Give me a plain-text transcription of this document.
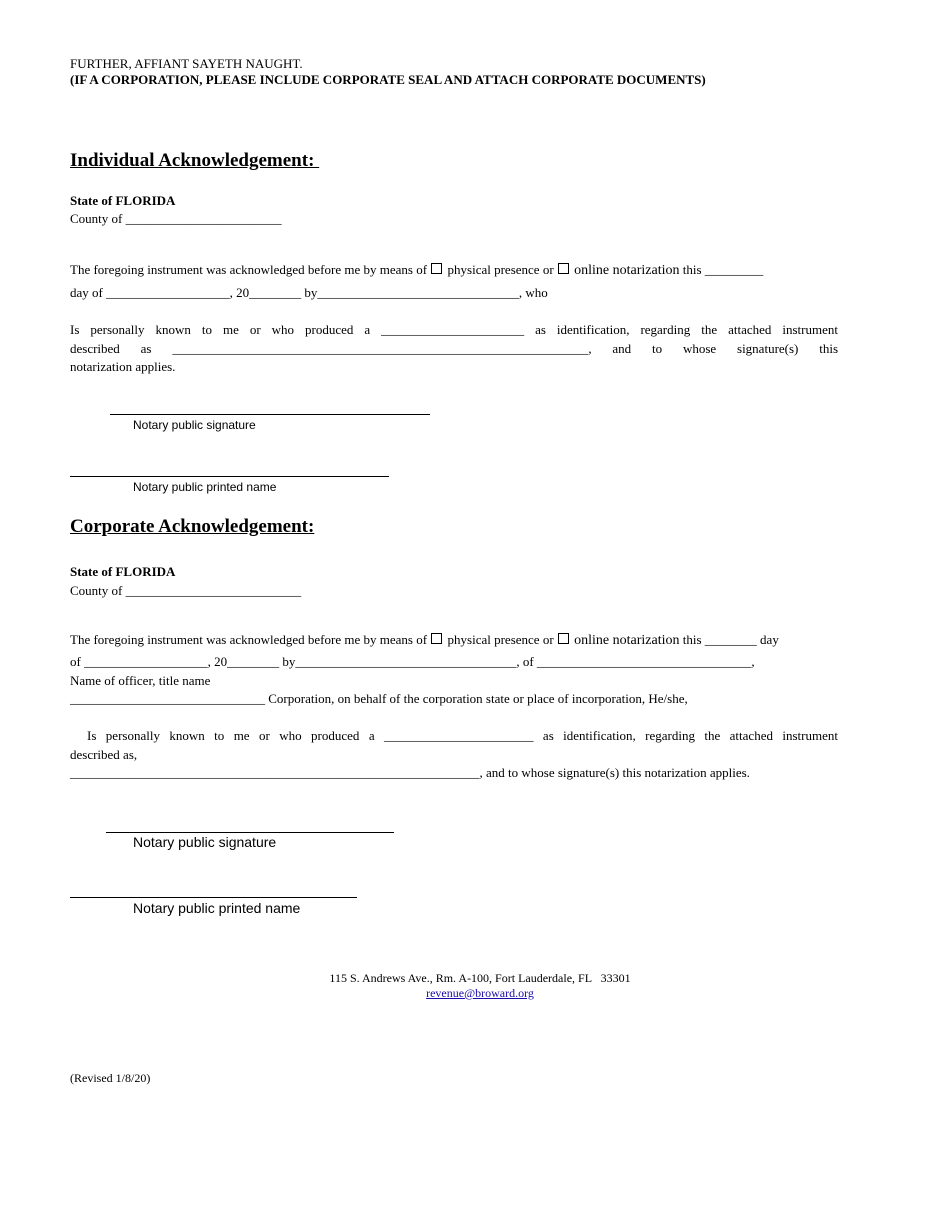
FURTHER, AFFIANT SAYETH NAUGHT.
(IF A CORPORATION, PLEASE INCLUDE CORPORATE SEAL AND ATTACH CORPORATE DOCUMENTS)
Individual Acknowledgement:
State of FLORIDA
County of ________________________
The foregoing instrument was acknowledged before me by means of  physical presence or  online notarization this _________
day of ___________________, 20________ by_______________________________, who
Is personally known to me or who produced a ______________________ as identification, regarding the attached instrument
described as ________________________________________________________________, and to whose signature(s) this
notarization applies.
Notary public signature
Notary public printed name
Corporate Acknowledgement:
State of FLORIDA
County of ___________________________
The foregoing instrument was acknowledged before me by means of  physical presence or  online notarization this ________ day
of ___________________, 20________ by__________________________________, of _________________________________,
Name of officer, title name
______________________________ Corporation, on behalf of the corporation state or place of incorporation, He/she,
Is personally known to me or who produced a _______________________ as identification, regarding the attached instrument
described as,
_______________________________________________________________, and to whose signature(s) this notarization applies.
Notary public signature
Notary public printed name
115 S. Andrews Ave., Rm. A-100, Fort Lauderdale, FL   33301
revenue@broward.org
(Revised 1/8/20)
